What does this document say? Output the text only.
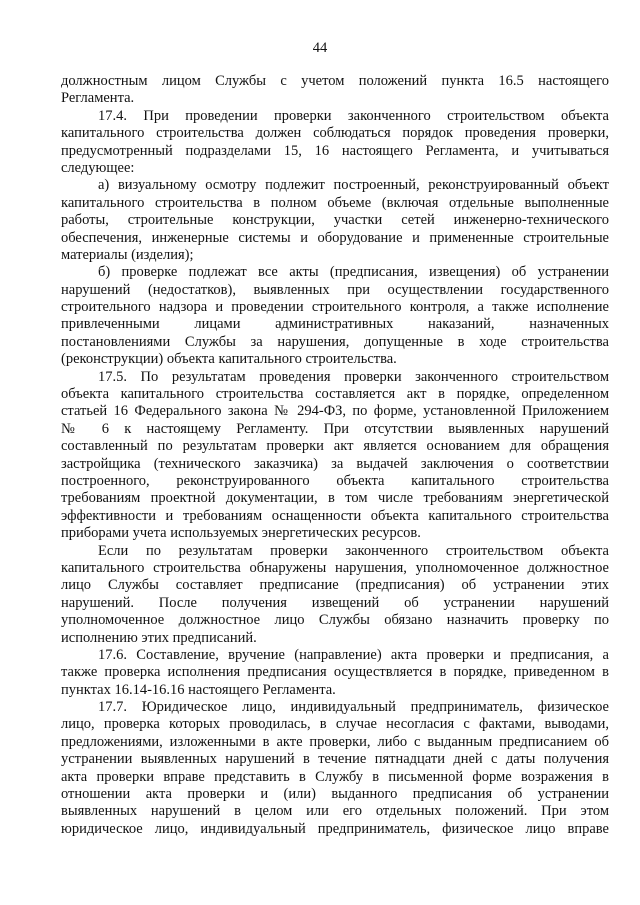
44
должностным лицом Службы с учетом положений пункта 16.5 настоящего
Регламента.
17.4. При проведении проверки законченного строительством объекта
капитального строительства должен соблюдаться порядок проведения проверки,
предусмотренный подразделами 15, 16 настоящего Регламента, и учитываться
следующее:
а) визуальному осмотру подлежит построенный, реконструированный объект
капитального строительства в полном объеме (включая отдельные выполненные
работы, строительные конструкции, участки сетей инженерно-технического
обеспечения, инженерные системы и оборудование и примененные строительные
материалы (изделия);
б) проверке подлежат все акты (предписания, извещения) об устранении
нарушений (недостатков), выявленных при осуществлении государственного
строительного надзора и проведении строительного контроля, а также исполнение
привлеченными лицами административных наказаний, назначенных
постановлениями Службы за нарушения, допущенные в ходе строительства
(реконструкции) объекта капитального строительства.
17.5. По результатам проведения проверки законченного строительством
объекта капитального строительства составляется акт в порядке, определенном
статьей 16 Федерального закона № 294-ФЗ, по форме, установленной Приложением
№ 6 к настоящему Регламенту. При отсутствии выявленных нарушений
составленный по результатам проверки акт является основанием для обращения
застройщика (технического заказчика) за выдачей заключения о соответствии
построенного, реконструированного объекта капитального строительства
требованиям проектной документации, в том числе требованиям энергетической
эффективности и требованиям оснащенности объекта капитального строительства
приборами учета используемых энергетических ресурсов.
Если по результатам проверки законченного строительством объекта
капитального строительства обнаружены нарушения, уполномоченное должностное
лицо Службы составляет предписание (предписания) об устранении этих
нарушений. После получения извещений об устранении нарушений
уполномоченное должностное лицо Службы обязано назначить проверку по
исполнению этих предписаний.
17.6. Составление, вручение (направление) акта проверки и предписания, а
также проверка исполнения предписания осуществляется в порядке, приведенном в
пунктах 16.14-16.16 настоящего Регламента.
17.7. Юридическое лицо, индивидуальный предприниматель, физическое
лицо, проверка которых проводилась, в случае несогласия с фактами, выводами,
предложениями, изложенными в акте проверки, либо с выданным предписанием об
устранении выявленных нарушений в течение пятнадцати дней с даты получения
акта проверки вправе представить в Службу в письменной форме возражения в
отношении акта проверки и (или) выданного предписания об устранении
выявленных нарушений в целом или его отдельных положений. При этом
юридическое лицо, индивидуальный предприниматель, физическое лицо вправе
